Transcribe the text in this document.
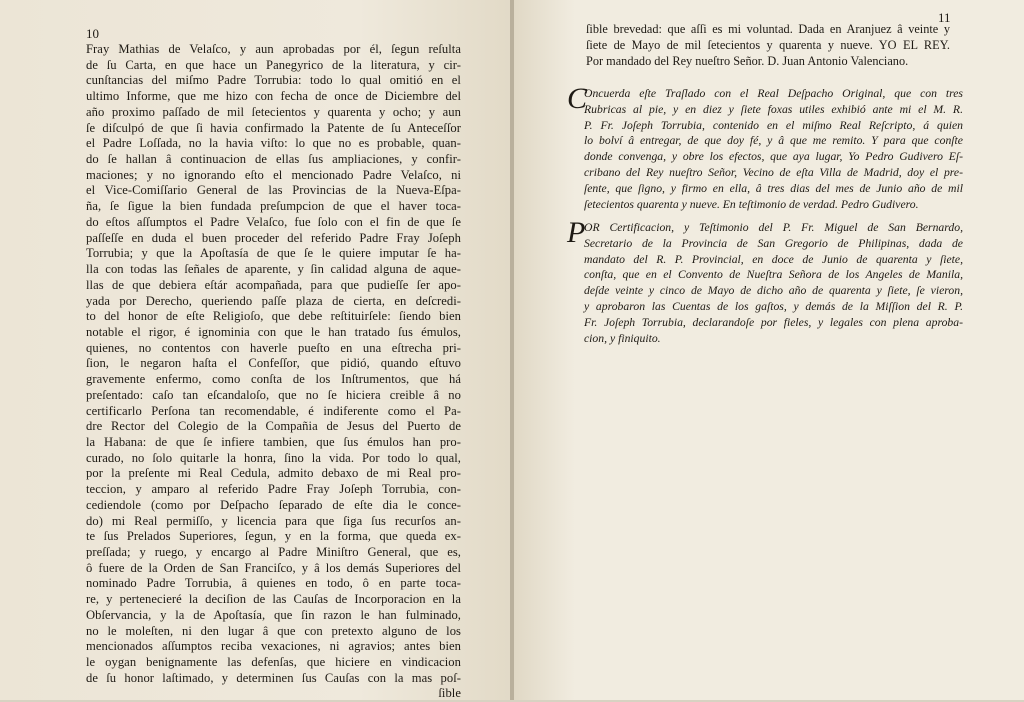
10
Fray Mathias de Velaſco, y aun aprobadas por él, ſegun reſulta
de ſu Carta, en que hace un Panegyrico de la literatura, y cir-
cunſtancias del miſmo Padre Torrubia: todo lo qual omitió en el
ultimo Informe, que me hizo con fecha de once de Diciembre del
año proximo paſſado de mil ſetecientos y quarenta y ocho; y aun
ſe diſculpó de que ſi havia confirmado la Patente de ſu Anteceſſor
el Padre Loſſada, no la havia viſto: lo que no es probable, quan-
do ſe hallan â continuacion de ellas ſus ampliaciones, y confir-
maciones; y no ignorando eſto el mencionado Padre Velaſco, ni
el Vice-Comiſſario General de las Provincias de la Nueva-Eſpa-
ña, ſe ſigue la bien fundada preſumpcion de que el haver toca-
do eſtos aſſumptos el Padre Velaſco, fue ſolo con el fin de que ſe
paſſeſſe en duda el buen proceder del referido Padre Fray Joſeph
Torrubia; y que la Apoſtasía de que ſe le quiere imputar ſe ha-
lla con todas las ſeñales de aparente, y ſin calidad alguna de aque-
llas de que debiera eſtár acompañada, para que pudieſſe ſer apo-
yada por Derecho, queriendo paſſe plaza de cierta, en deſcredi-
to del honor de eſte Religioſo, que debe reſtituirſele: ſiendo bien
notable el rigor, é ignominia con que le han tratado ſus émulos,
quienes, no contentos con haverle pueſto en una eſtrecha pri-
ſion, le negaron haſta el Confeſſor, que pidió, quando eſtuvo
gravemente enfermo, como conſta de los Inſtrumentos, que há
preſentado: caſo tan eſcandaloſo, que no ſe hiciera creible â no
certificarlo Perſona tan recomendable, é indiferente como el Pa-
dre Rector del Colegio de la Compañia de Jesus del Puerto de
la Habana: de que ſe infiere tambien, que ſus émulos han pro-
curado, no ſolo quitarle la honra, ſino la vida. Por todo lo qual,
por la preſente mi Real Cedula, admito debaxo de mi Real pro-
teccion, y amparo al referido Padre Fray Joſeph Torrubia, con-
cediendole (como por Deſpacho ſeparado de eſte dia le conce-
do) mi Real permiſſo, y licencia para que ſiga ſus recurſos an-
te ſus Prelados Superiores, ſegun, y en la forma, que queda ex-
preſſada; y ruego, y encargo al Padre Miniſtro General, que es,
ô fuere de la Orden de San Franciſco, y â los demás Superiores del
nominado Padre Torrubia, â quienes en todo, ô en parte toca-
re, y pertenecieré la deciſion de las Cauſas de Incorporacion en la
Obſervancia, y la de Apoſtasía, que ſin razon le han fulminado,
no le moleſten, ni den lugar â que con pretexto alguno de los
mencionados aſſumptos reciba vexaciones, ni agravios; antes bien
le oygan benignamente las defenſas, que hiciere en vindicacion
de ſu honor laſtimado, y determinen ſus Cauſas con la mas poſ-
ſible
11
ſible brevedad: que aſſi es mi voluntad. Dada en Aranjuez â veinte y
ſiete de Mayo de mil ſetecientos y quarenta y nueve. YO EL REY.
Por mandado del Rey nueſtro Señor. D. Juan Antonio Valenciano.
C
Oncuerda eſte Traſlado con el Real Deſpacho Original, que con tres
Rubricas al pie, y en diez y ſiete foxas utiles exhibió ante mi el M. R.
P. Fr. Joſeph Torrubia, contenido en el miſmo Real Reſcripto, á quien
lo bolví â entregar, de que doy fé, y â que me remito. Y para que conſte
donde convenga, y obre los efectos, que aya lugar, Yo Pedro Gudivero Eſ-
cribano del Rey nueſtro Señor, Vecino de eſta Villa de Madrid, doy el pre-
ſente, que ſigno, y firmo en ella, â tres dias del mes de Junio año de mil
ſetecientos quarenta y nueve. En teſtimonio de verdad. Pedro Gudivero.
P
OR Certificacion, y Teſtimonio del P. Fr. Miguel de San Bernardo,
Secretario de la Provincia de San Gregorio de Philipinas, dada de
mandato del R. P. Provincial, en doce de Junio de quarenta y ſiete,
conſta, que en el Convento de Nueſtra Señora de los Angeles de Manila,
deſde veinte y cinco de Mayo de dicho año de quarenta y ſiete, ſe vieron,
y aprobaron las Cuentas de los gaſtos, y demás de la Miſſion del R. P.
Fr. Joſeph Torrubia, declarandoſe por fieles, y legales con plena aproba-
cion, y finiquito.
